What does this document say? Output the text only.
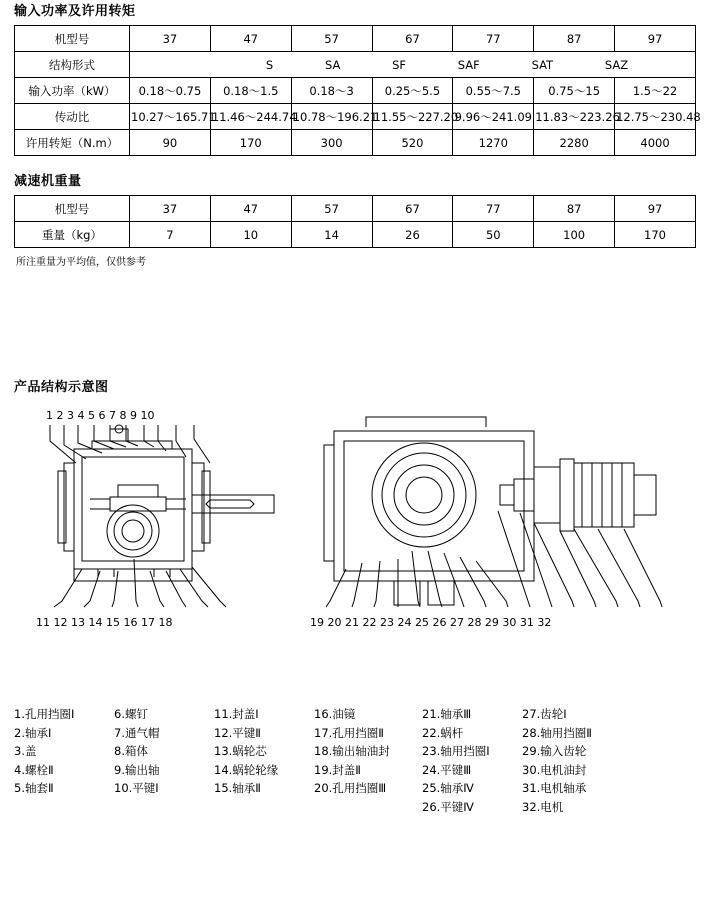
输入功率及许用转矩
机型号	37	47	57	67	77	87	97
结构形式	S	SA	SF	SAF	SAT	SAZ

输入功率（kW）	0.18～0.75	0.18～1.5	0.18～3	0.25～5.5	0.55～7.5	0.75～15	1.5～22
传动比	10.27～165.71	11.46～244.74	10.78～196.21	11.55～227.20	9.96～241.09	11.83～223.26	12.75～230.48
许用转矩（N.m）	90	170	300	520	1270	2280	4000
减速机重量
机型号	37	47	57	67	77	87	97
重量（kg）	7	10	14	26	50	100	170
所注重量为平均值，仅供参考
产品结构示意图
1 2 3 4 5 6 7 8 9 10
11 12 13 14 15 16 17 18	19 20 21 22 23 24 25 26 27 28 29 30 31 32
1.孔用挡圈Ⅰ
2.轴承Ⅰ
3.盖
4.螺栓Ⅱ
5.轴套Ⅱ
6.螺钉
7.通气帽
8.箱体
9.输出轴
10.平键Ⅰ
11.封盖Ⅰ
12.平键Ⅱ
13.蜗轮芯
14.蜗轮轮缘
15.轴承Ⅱ
16.油镜
17.孔用挡圈Ⅱ
18.输出轴油封
19.封盖Ⅱ
20.孔用挡圈Ⅲ
21.轴承Ⅲ
22.蜗杆
23.轴用挡圈Ⅰ
24.平键Ⅲ
25.轴承Ⅳ
26.平键Ⅳ
27.齿轮Ⅰ
28.轴用挡圈Ⅱ
29.输入齿轮
30.电机油封
31.电机轴承
32.电机
